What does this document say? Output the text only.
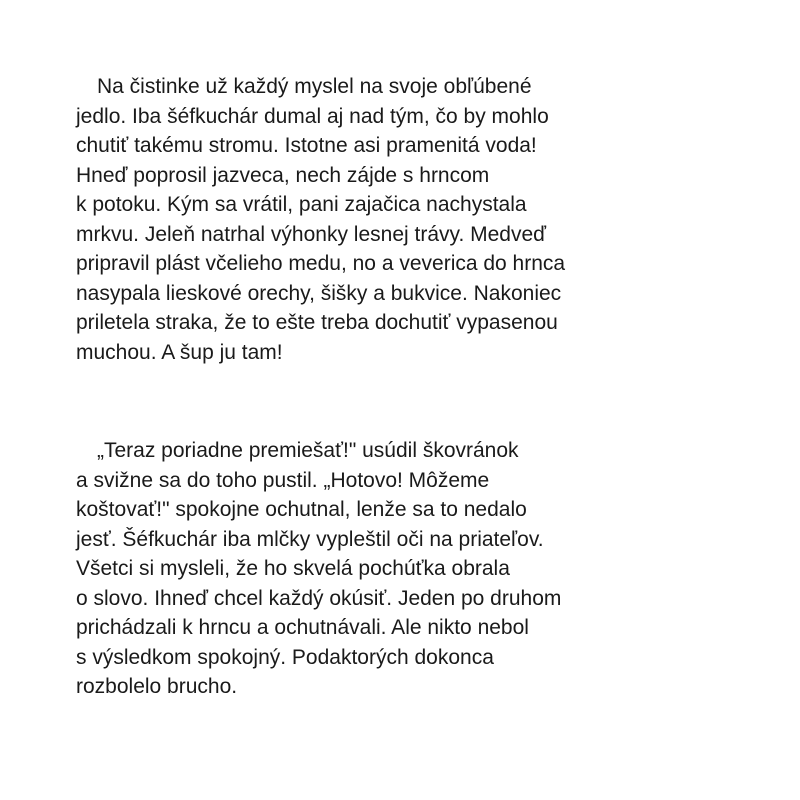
Na čistinke už každý myslel na svoje obľúbené
jedlo. Iba šéfkuchár dumal aj nad tým, čo by mohlo
chutiť takému stromu. Istotne asi pramenitá voda!
Hneď poprosil jazveca, nech zájde s hrncom
k potoku. Kým sa vrátil, pani zajačica nachystala
mrkvu. Jeleň natrhal výhonky lesnej trávy. Medveď
pripravil plást včelieho medu, no a veverica do hrnca
nasypala lieskové orechy, šišky a bukvice. Nakoniec
priletela straka, že to ešte treba dochutiť vypasenou
muchou. A šup ju tam!
„Teraz poriadne premiešať!" usúdil škovránok
a svižne sa do toho pustil. „Hotovo! Môžeme
koštovať!" spokojne ochutnal, lenže sa to nedalo
jesť. Šéfkuchár iba mlčky vypleštil oči na priateľov.
Všetci si mysleli, že ho skvelá pochúťka obrala
o slovo. Ihneď chcel každý okúsiť. Jeden po druhom
prichádzali k hrncu a ochutnávali. Ale nikto nebol
s výsledkom spokojný. Podaktorých dokonca
rozbolelo brucho.
